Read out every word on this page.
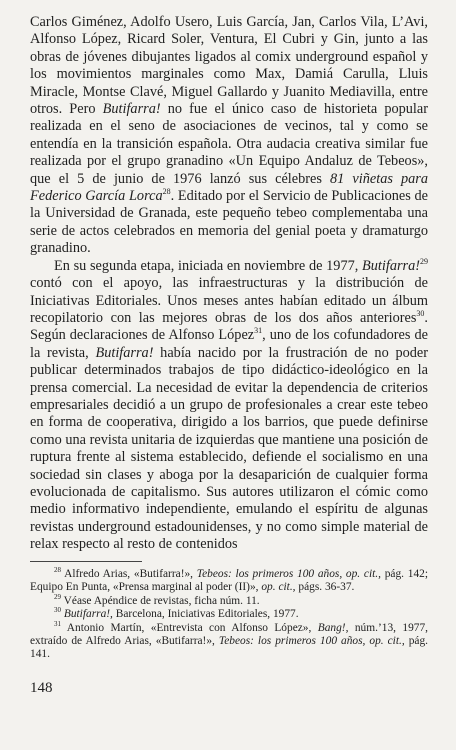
Carlos Giménez, Adolfo Usero, Luis García, Jan, Carlos Vila, L’Avi, Alfonso López, Ricard Soler, Ventura, El Cubri y Gin, junto a las obras de jóvenes dibujantes ligados al comix underground español y los movimientos marginales como Max, Damiá Carulla, Lluis Miracle, Montse Clavé, Miguel Gallardo y Juanito Mediavilla, entre otros. Pero Butifarra! no fue el único caso de historieta popular realizada en el seno de asociaciones de vecinos, tal y como se entendía en la transición española. Otra audacia creativa similar fue realizada por el grupo granadino «Un Equipo Andaluz de Tebeos», que el 5 de junio de 1976 lanzó sus célebres 81 viñetas para Federico García Lorca$^{28}$. Editado por el Servicio de Publicaciones de la Universidad de Granada, este pequeño tebeo complementaba una serie de actos celebrados en memoria del genial poeta y dramaturgo granadino.

En su segunda etapa, iniciada en noviembre de 1977, Butifarra!$^{29}$ contó con el apoyo, las infraestructuras y la distribución de Iniciativas Editoriales. Unos meses antes habían editado un álbum recopilatorio con las mejores obras de los dos años anteriores$^{30}$. Según declaraciones de Alfonso López$^{31}$, uno de los cofundadores de la revista, Butifarra! había nacido por la frustración de no poder publicar determinados trabajos de tipo didáctico-ideológico en la prensa comercial. La necesidad de evitar la dependencia de criterios empresariales decidió a un grupo de profesionales a crear este tebeo en forma de cooperativa, dirigido a los barrios, que puede definirse como una revista unitaria de izquierdas que mantiene una posición de ruptura frente al sistema establecido, defiende el socialismo en una sociedad sin clases y aboga por la desaparición de cualquier forma evolucionada de capitalismo. Sus autores utilizaron el cómic como medio informativo independiente, emulando el espíritu de algunas revistas underground estadounidenses, y no como simple material de relax respecto al resto de contenidos

$^{28}$ Alfredo Arias, «Butifarra!», Tebeos: los primeros 100 años, op. cit., pág. 142; Equipo En Punta, «Prensa marginal al poder (II)», op. cit., págs. 36-37.

$^{29}$ Véase Apéndice de revistas, ficha núm. 11.

$^{30}$ Butifarra!, Barcelona, Iniciativas Editoriales, 1977.

$^{31}$ Antonio Martín, «Entrevista con Alfonso López», Bang!, núm.’13, 1977, extraído de Alfredo Arias, «Butifarra!», Tebeos: los primeros 100 años, op. cit., pág. 141.

148
